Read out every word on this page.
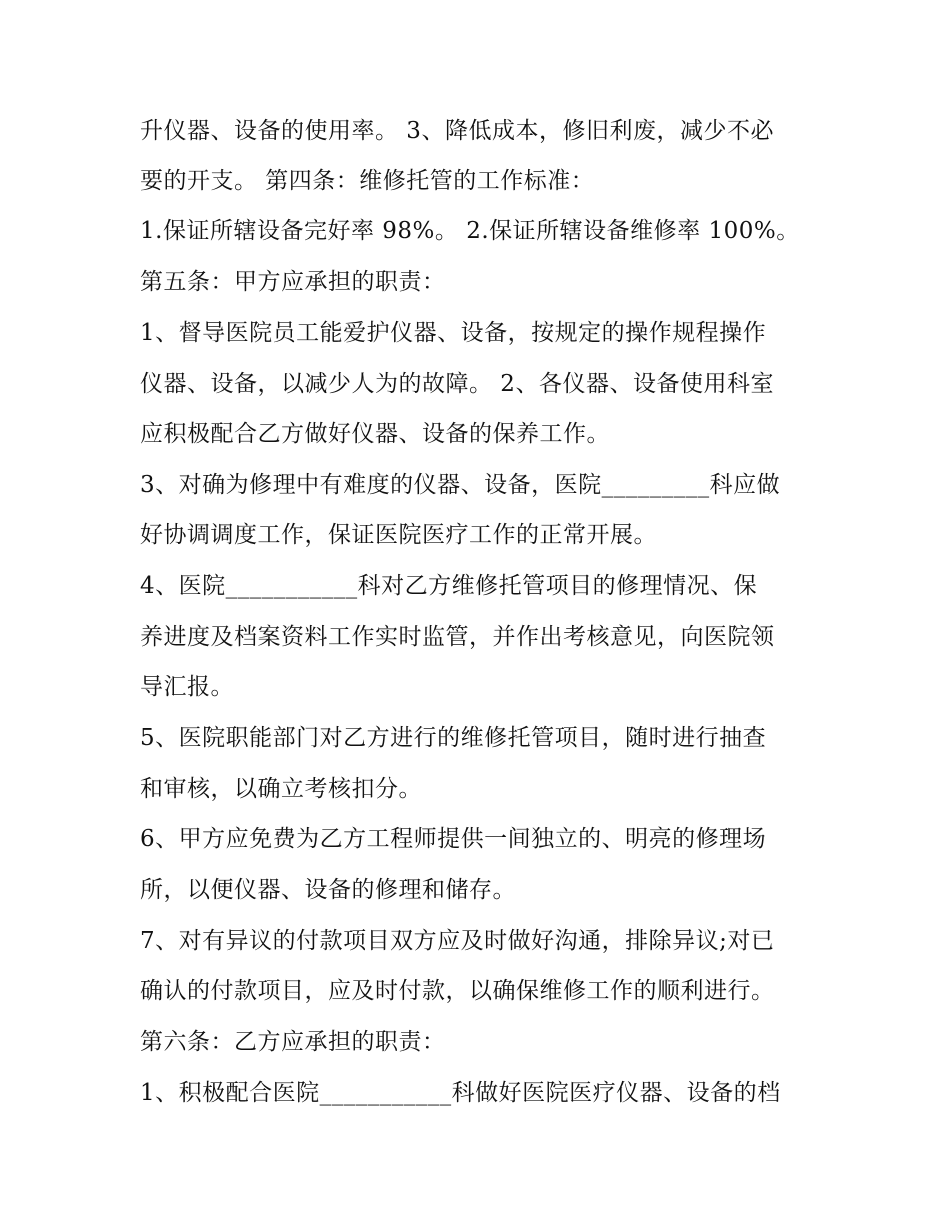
升仪器、设备的使用率。 3、降低成本，修旧利废，减少不必
要的开支。 第四条：维修托管的工作标准：
1.保证所辖设备完好率 98%。 2.保证所辖设备维修率 100%。
第五条：甲方应承担的职责：
1、督导医院员工能爱护仪器、设备，按规定的操作规程操作
仪器、设备，以减少人为的故障。 2、各仪器、设备使用科室
应积极配合乙方做好仪器、设备的保养工作。
3、对确为修理中有难度的仪器、设备，医院_________科应做
好协调调度工作，保证医院医疗工作的正常开展。
4、医院___________科对乙方维修托管项目的修理情况、保
养进度及档案资料工作实时监管，并作出考核意见，向医院领
导汇报。
5、医院职能部门对乙方进行的维修托管项目，随时进行抽查
和审核，以确立考核扣分。
6、甲方应免费为乙方工程师提供一间独立的、明亮的修理场
所，以便仪器、设备的修理和储存。
7、对有异议的付款项目双方应及时做好沟通，排除异议;对已
确认的付款项目，应及时付款，以确保维修工作的顺利进行。
第六条：乙方应承担的职责：
1、积极配合医院___________科做好医院医疗仪器、设备的档
